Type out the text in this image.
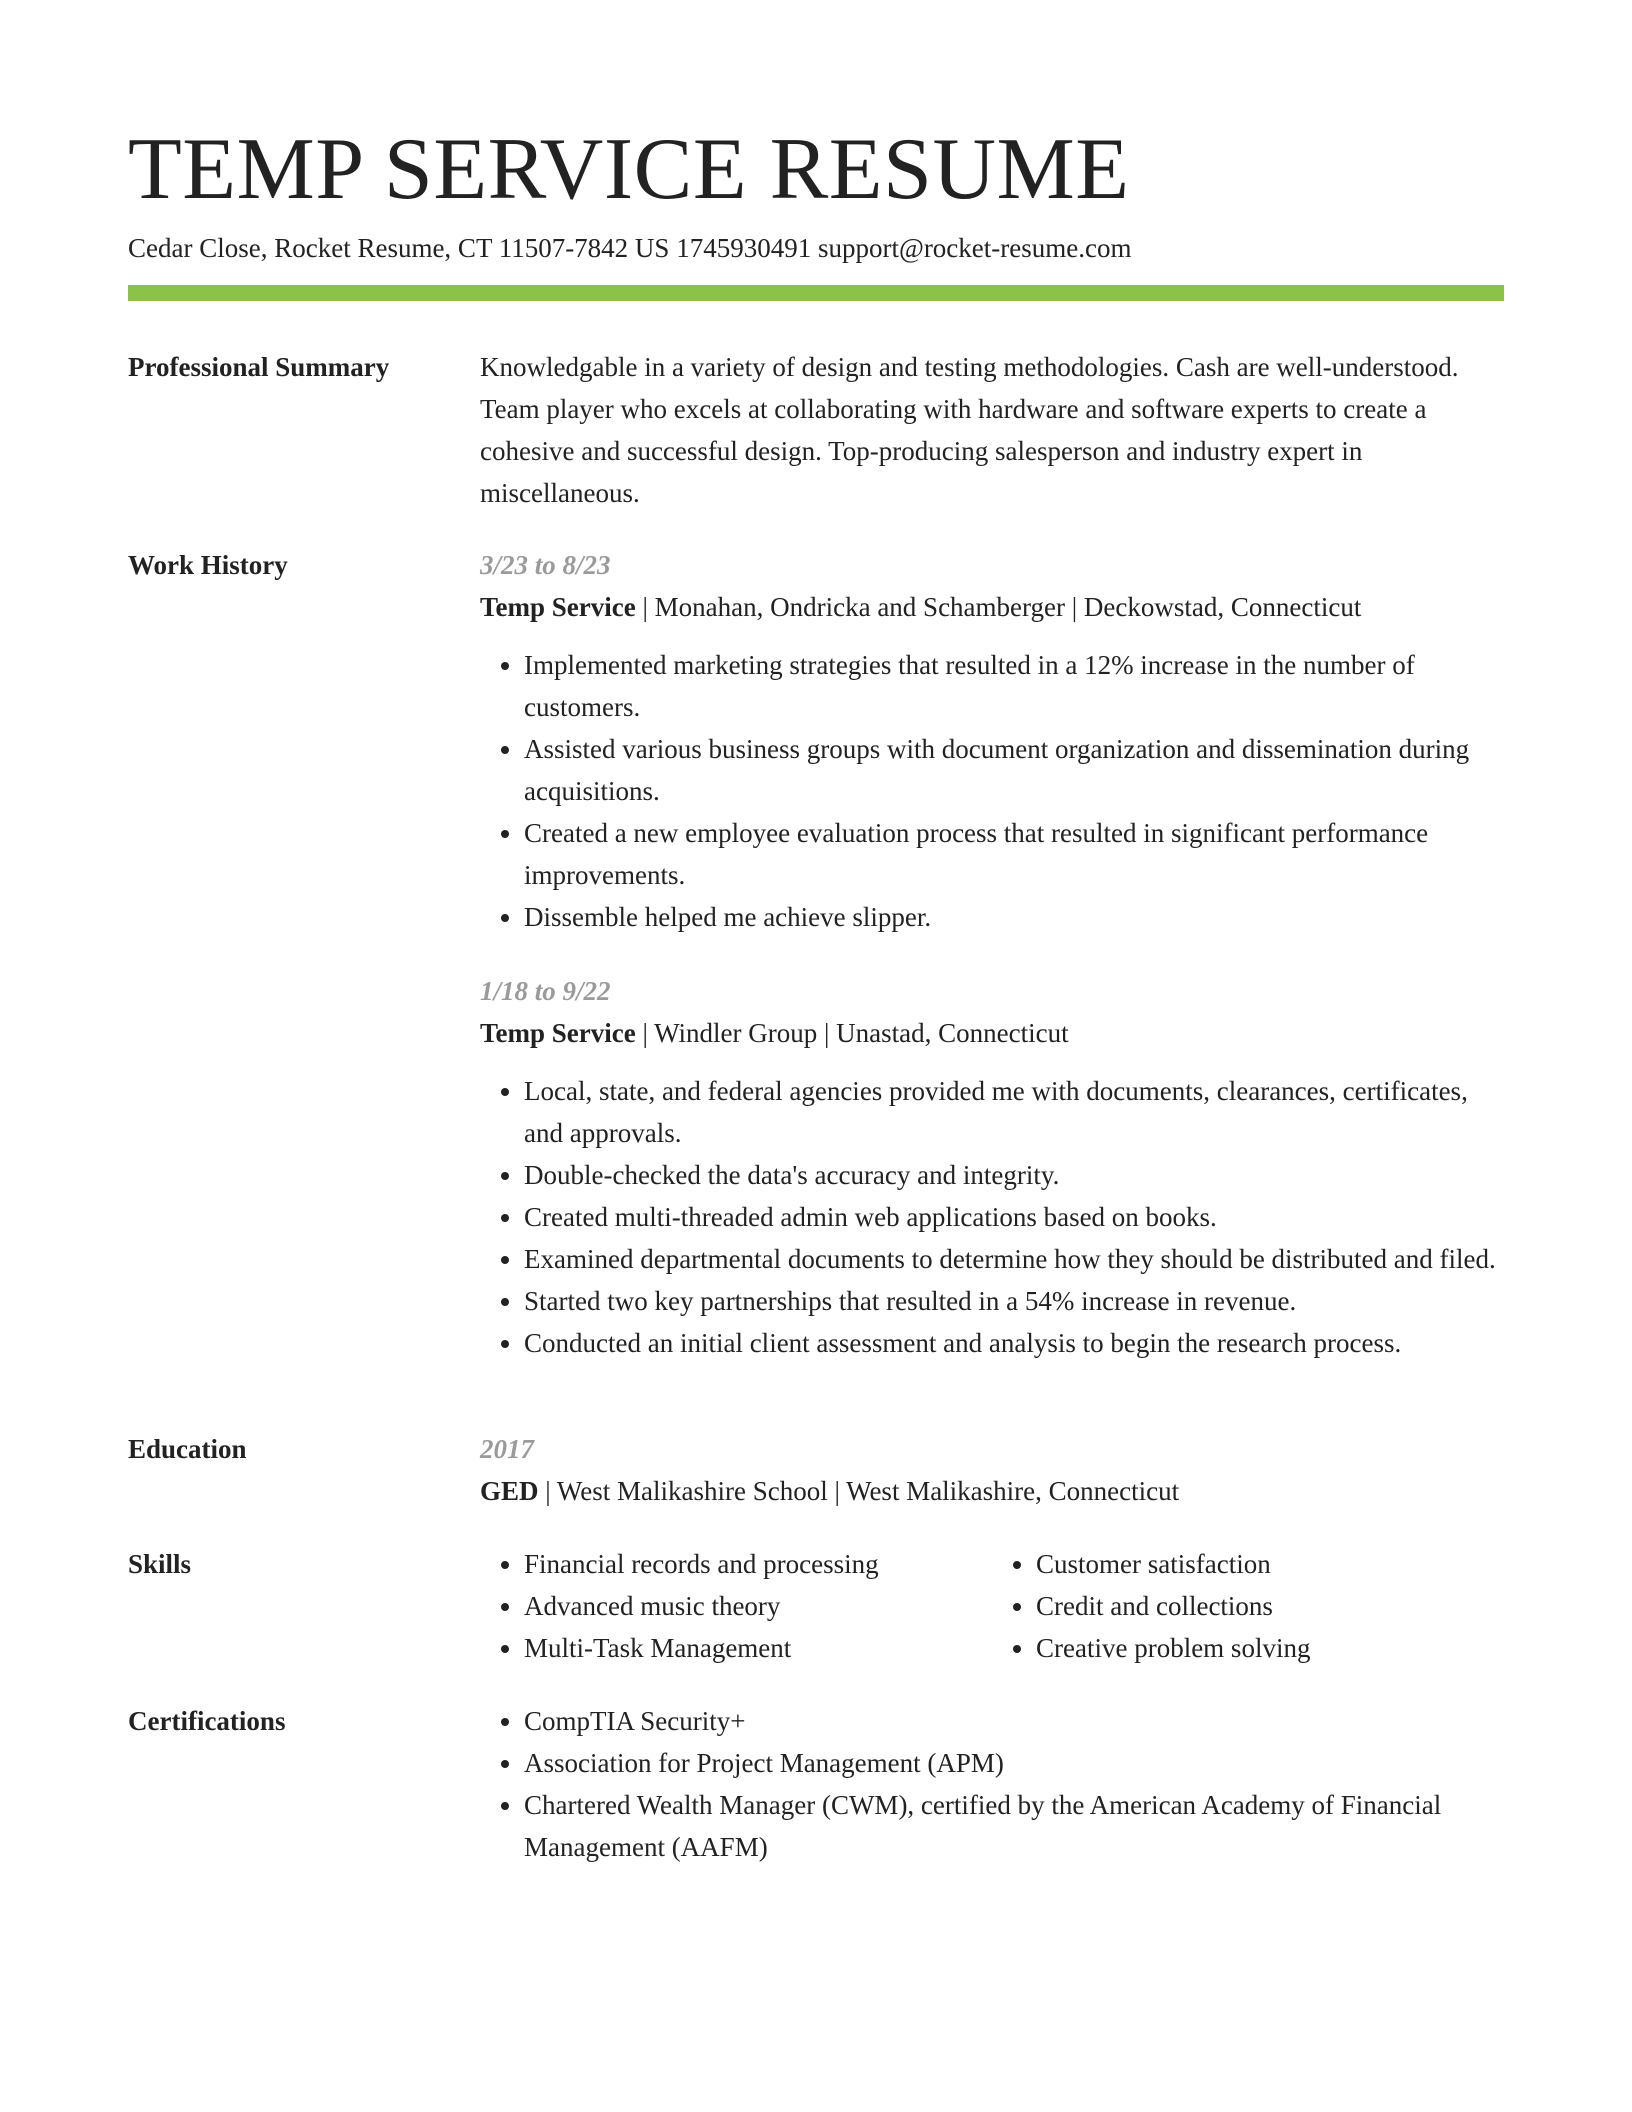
TEMP SERVICE RESUME
Cedar Close, Rocket Resume, CT 11507-7842 US 1745930491 support@rocket-resume.com
Professional Summary	Knowledgable in a variety of design and testing methodologies. Cash are well-understood. Team player who excels at collaborating with hardware and software experts to create a cohesive and successful design. Top-producing salesperson and industry expert in miscellaneous.

Work History	3/23 to 8/23

Temp Service | Monahan, Ondricka and Schamberger | Deckowstad, Connecticut

• Implemented marketing strategies that resulted in a 12% increase in the number of customers.
• Assisted various business groups with document organization and dissemination during acquisitions.
• Created a new employee evaluation process that resulted in significant performance improvements.
• Dissemble helped me achieve slipper.

1/18 to 9/22

Temp Service | Windler Group | Unastad, Connecticut

• Local, state, and federal agencies provided me with documents, clearances, certificates, and approvals.
• Double-checked the data's accuracy and integrity.
• Created multi-threaded admin web applications based on books.
• Examined departmental documents to determine how they should be distributed and filed.
• Started two key partnerships that resulted in a 54% increase in revenue.
• Conducted an initial client assessment and analysis to begin the research process.
Education	2017

GED | West Malikashire School | West Malikashire, Connecticut

Skills	• Financial records and processing
• Advanced music theory
• Multi-Task Management
• Customer satisfaction
• Credit and collections
• Creative problem solving
Certifications	• CompTIA Security+
• Association for Project Management (APM)
• Chartered Wealth Manager (CWM), certified by the American Academy of Financial Management (AAFM)
